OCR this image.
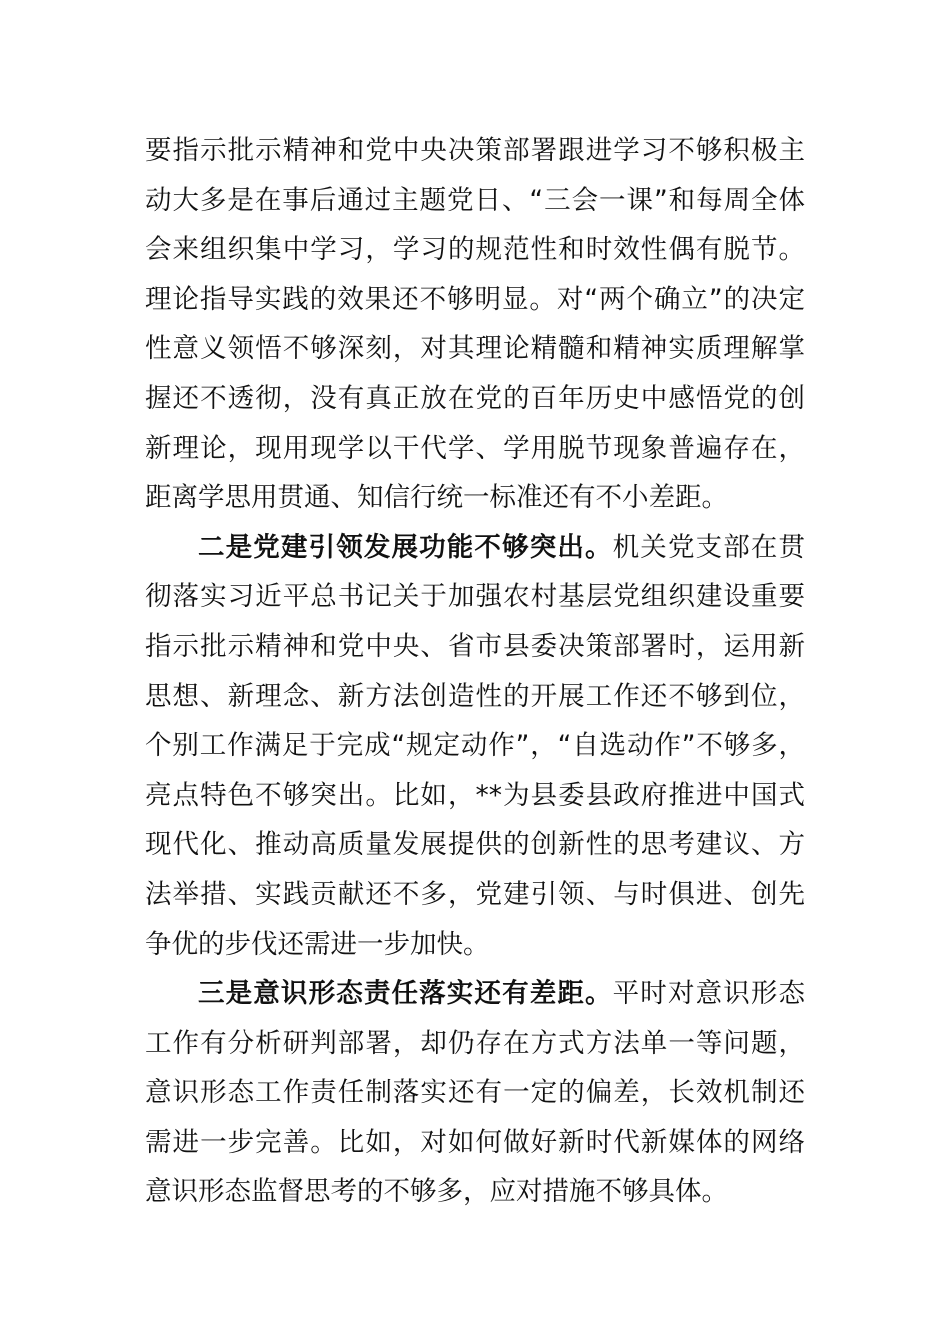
要指示批示精神和党中央决策部署跟进学习不够积极主动大多是在事后通过主题党日、“三会一课”和每周全体会来组织集中学习，学习的规范性和时效性偶有脱节。理论指导实践的效果还不够明显。对“两个确立”的决定性意义领悟不够深刻，对其理论精髓和精神实质理解掌握还不透彻，没有真正放在党的百年历史中感悟党的创新理论，现用现学以干代学、学用脱节现象普遍存在，距离学思用贯通、知信行统一标准还有不小差距。

二是党建引领发展功能不够突出。机关党支部在贯彻落实习近平总书记关于加强农村基层党组织建设重要指示批示精神和党中央、省市县委决策部署时，运用新思想、新理念、新方法创造性的开展工作还不够到位，个别工作满足于完成“规定动作”，“自选动作”不够多，亮点特色不够突出。比如，**为县委县政府推进中国式现代化、推动高质量发展提供的创新性的思考建议、方法举措、实践贡献还不多，党建引领、与时俱进、创先争优的步伐还需进一步加快。

三是意识形态责任落实还有差距。平时对意识形态工作有分析研判部署，却仍存在方式方法单一等问题，意识形态工作责任制落实还有一定的偏差，长效机制还需进一步完善。比如，对如何做好新时代新媒体的网络意识形态监督思考的不够多，应对措施不够具体。
